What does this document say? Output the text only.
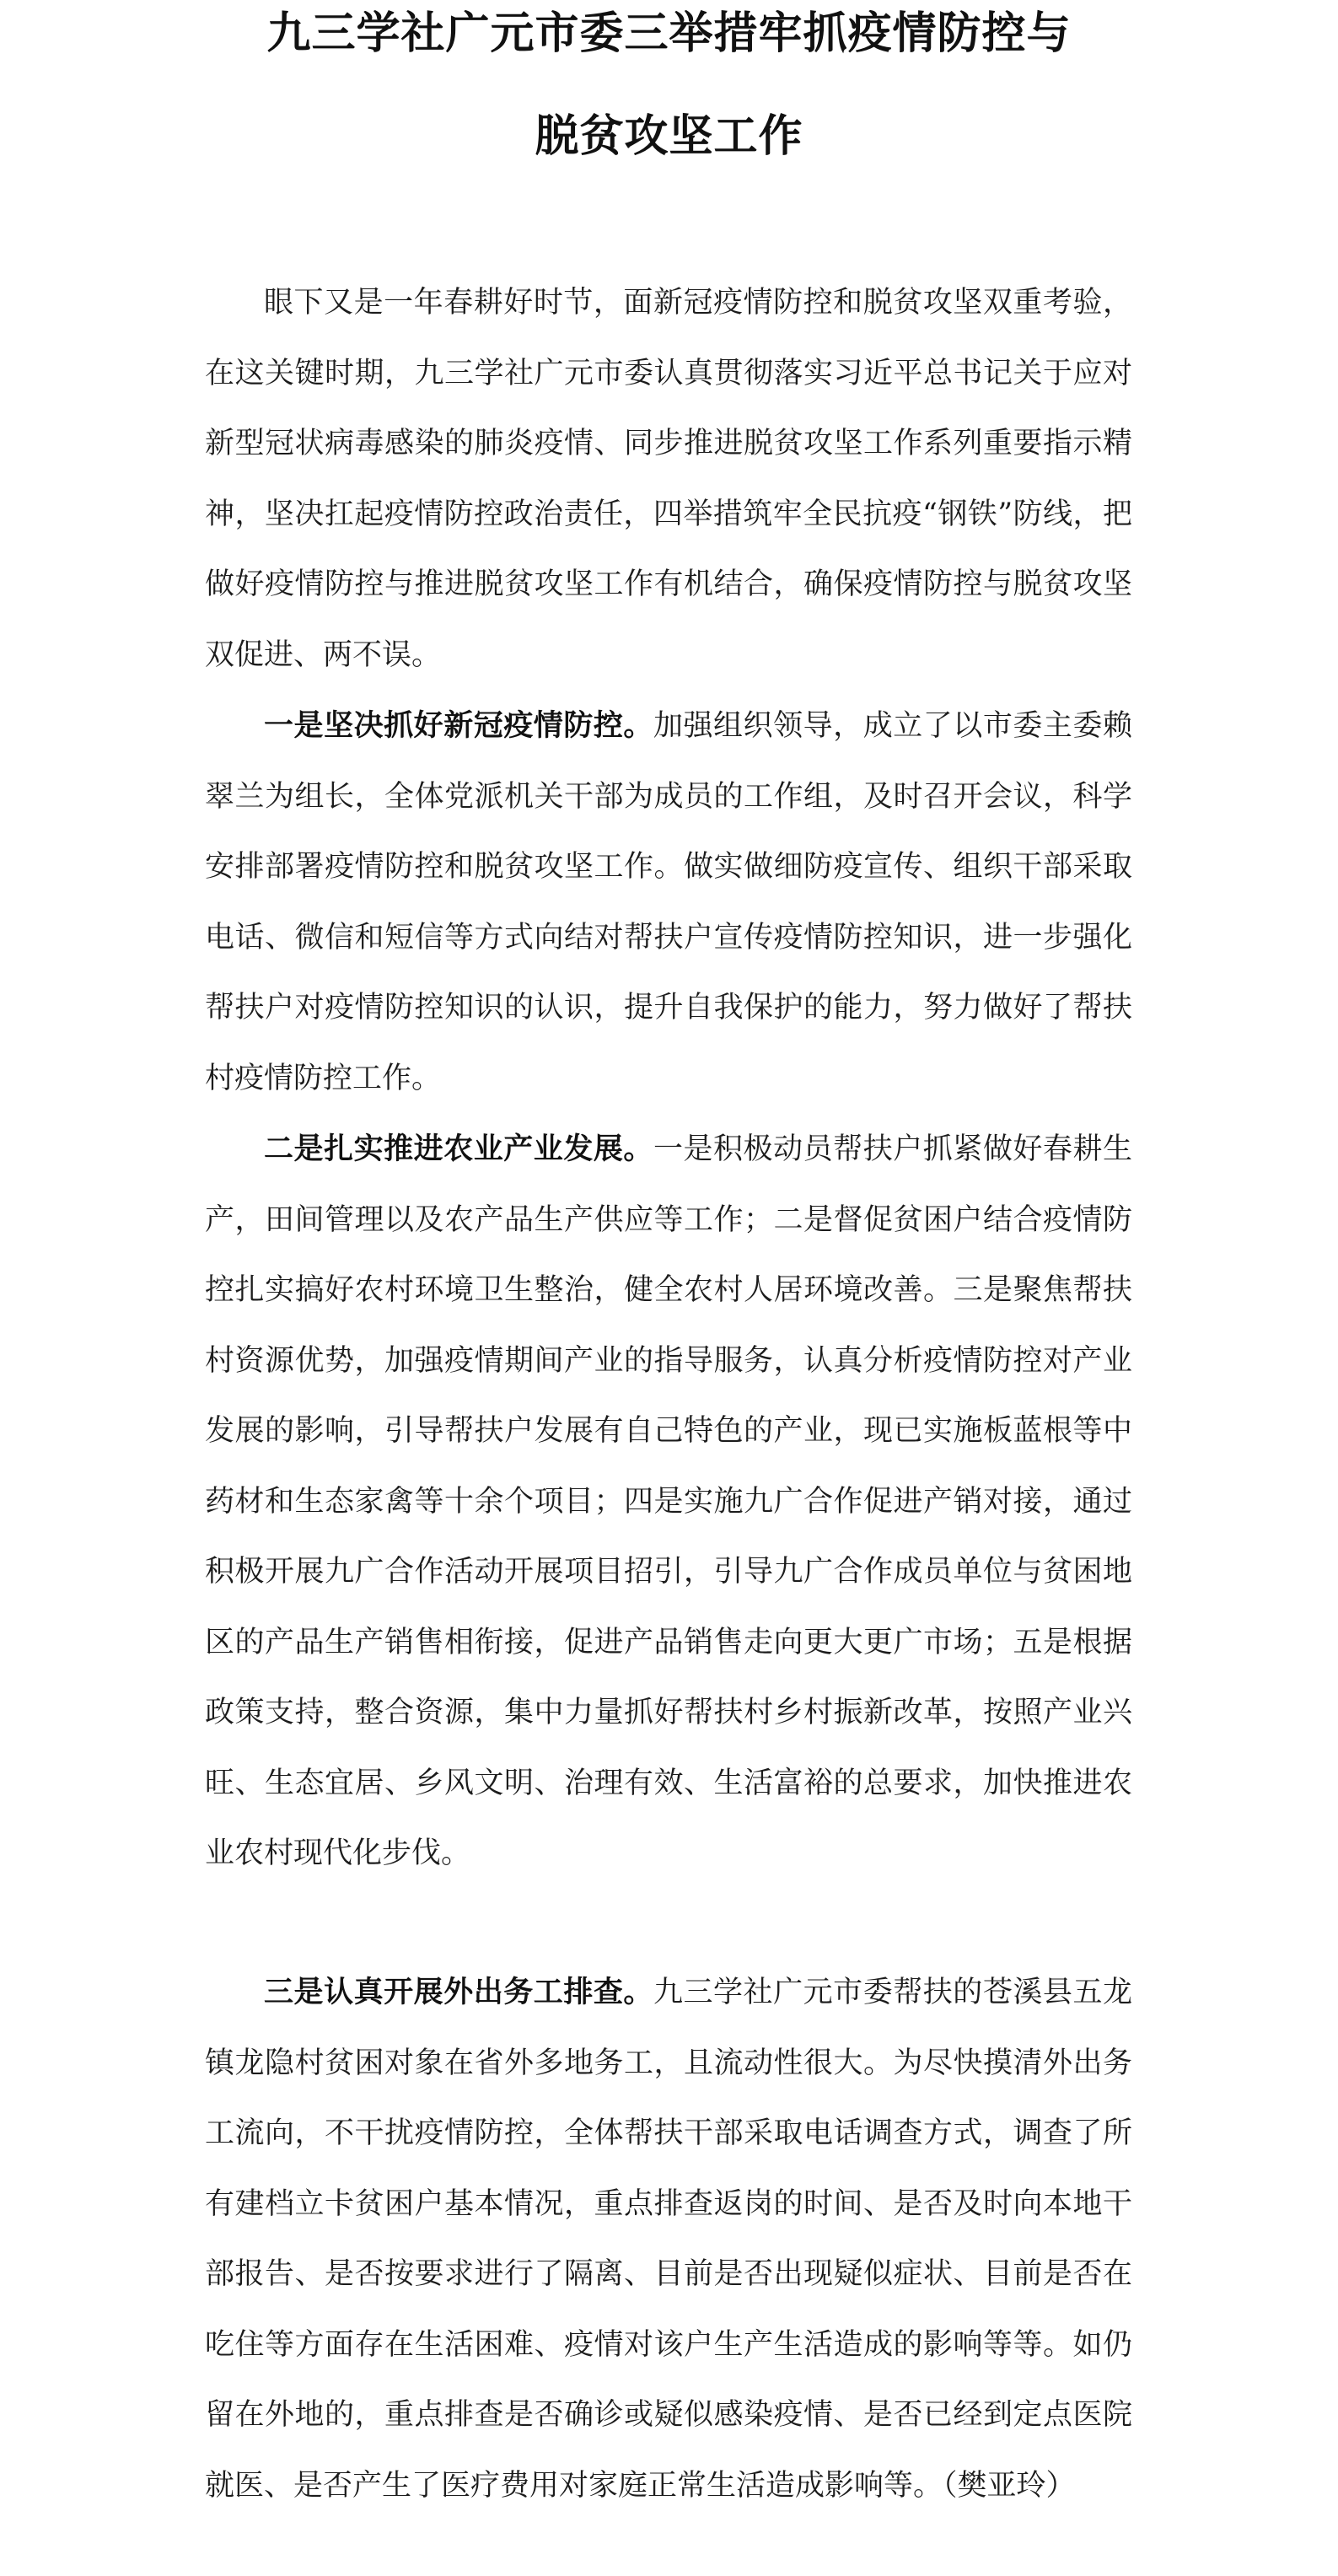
九三学社广元市委三举措牢抓疫情防控与
脱贫攻坚工作

眼下又是一年春耕好时节，面新冠疫情防控和脱贫攻坚双重考验，在这关键时期，九三学社广元市委认真贯彻落实习近平总书记关于应对新型冠状病毒感染的肺炎疫情、同步推进脱贫攻坚工作系列重要指示精神，坚决扛起疫情防控政治责任，四举措筑牢全民抗疫“钢铁”防线，把做好疫情防控与推进脱贫攻坚工作有机结合，确保疫情防控与脱贫攻坚双促进、两不误。

一是坚决抓好新冠疫情防控。加强组织领导，成立了以市委主委赖翠兰为组长，全体党派机关干部为成员的工作组，及时召开会议，科学安排部署疫情防控和脱贫攻坚工作。做实做细防疫宣传、组织干部采取电话、微信和短信等方式向结对帮扶户宣传疫情防控知识，进一步强化帮扶户对疫情防控知识的认识，提升自我保护的能力，努力做好了帮扶村疫情防控工作。

二是扎实推进农业产业发展。一是积极动员帮扶户抓紧做好春耕生产，田间管理以及农产品生产供应等工作；二是督促贫困户结合疫情防控扎实搞好农村环境卫生整治，健全农村人居环境改善。三是聚焦帮扶村资源优势，加强疫情期间产业的指导服务，认真分析疫情防控对产业发展的影响，引导帮扶户发展有自己特色的产业，现已实施板蓝根等中药材和生态家禽等十余个项目；四是实施九广合作促进产销对接，通过积极开展九广合作活动开展项目招引，引导九广合作成员单位与贫困地区的产品生产销售相衔接，促进产品销售走向更大更广市场；五是根据政策支持，整合资源，集中力量抓好帮扶村乡村振新改革，按照产业兴旺、生态宜居、乡风文明、治理有效、生活富裕的总要求，加快推进农业农村现代化步伐。

三是认真开展外出务工排查。九三学社广元市委帮扶的苍溪县五龙镇龙隐村贫困对象在省外多地务工，且流动性很大。为尽快摸清外出务工流向，不干扰疫情防控，全体帮扶干部采取电话调查方式，调查了所有建档立卡贫困户基本情况，重点排查返岗的时间、是否及时向本地干部报告、是否按要求进行了隔离、目前是否出现疑似症状、目前是否在吃住等方面存在生活困难、疫情对该户生产生活造成的影响等等。如仍留在外地的，重点排查是否确诊或疑似感染疫情、是否已经到定点医院就医、是否产生了医疗费用对家庭正常生活造成影响等。（樊亚玲）
